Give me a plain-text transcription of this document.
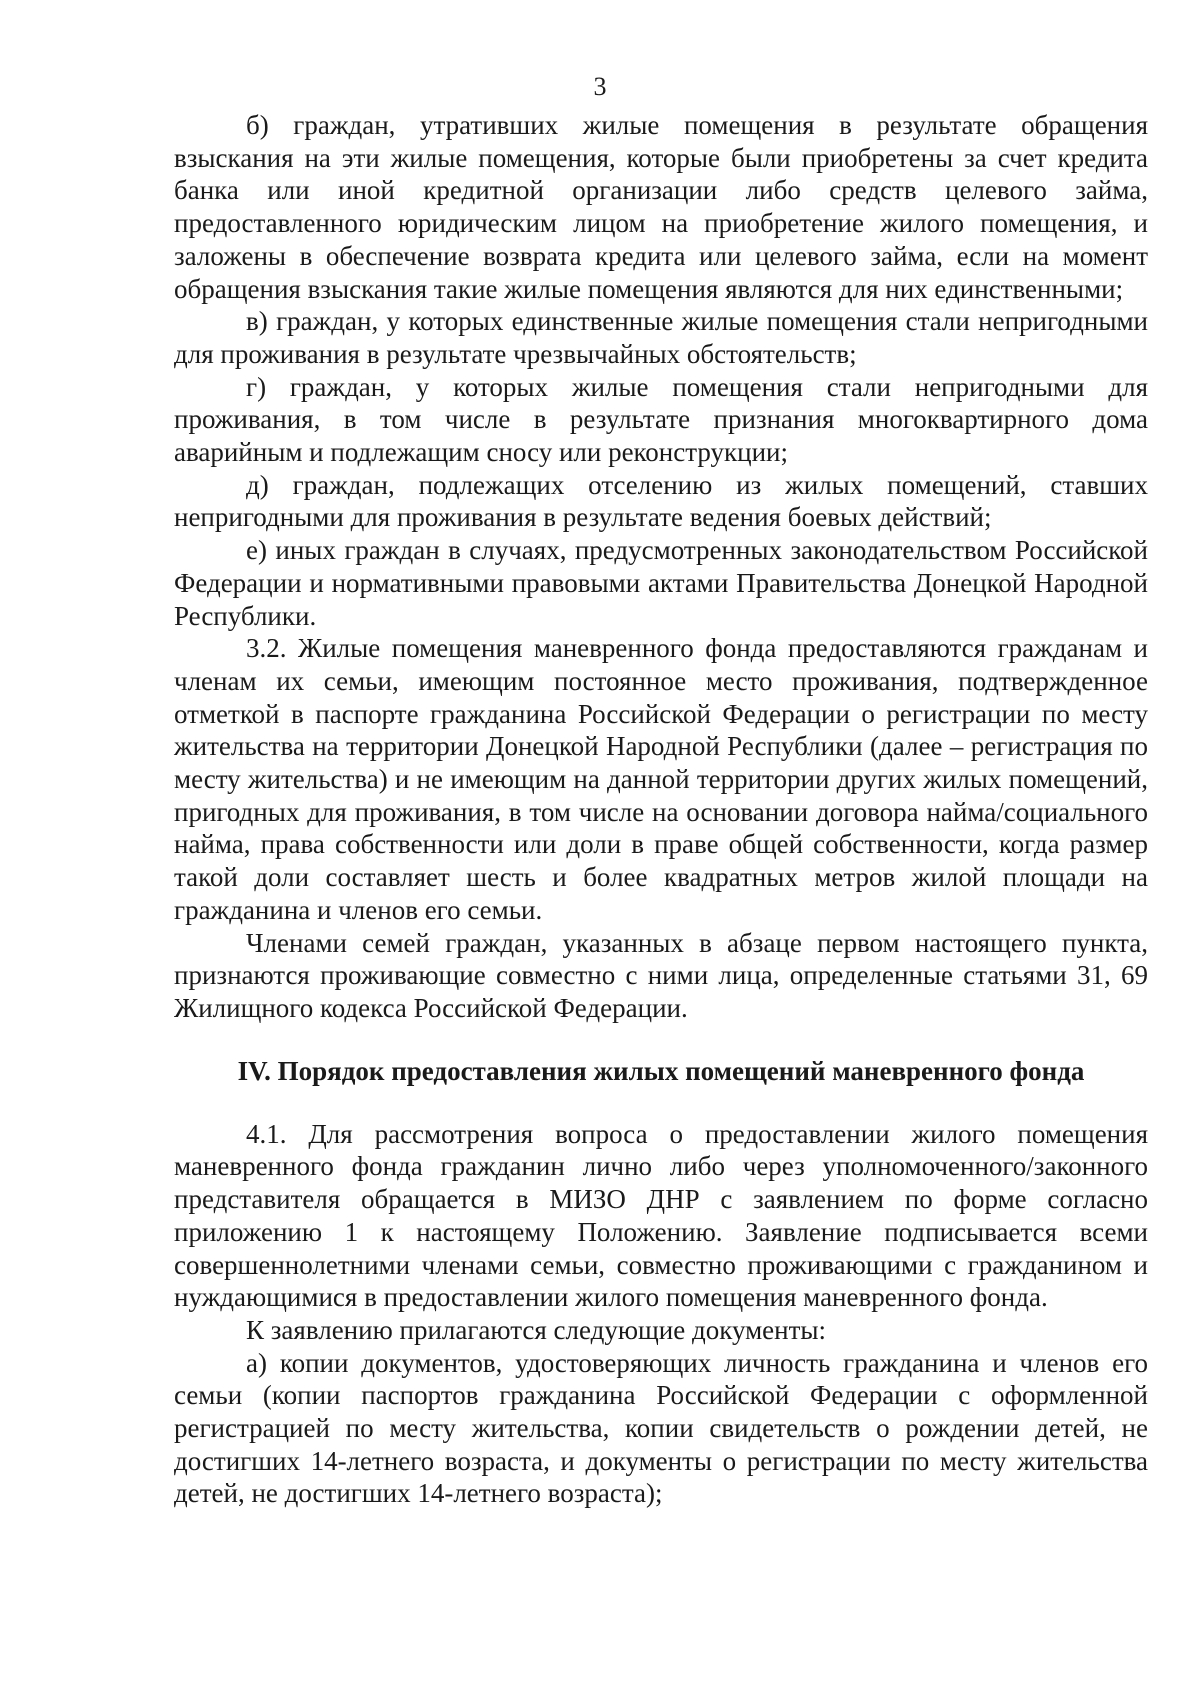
3

б) граждан, утративших жилые помещения в результате обращения взыскания на эти жилые помещения, которые были приобретены за счет кредита банка или иной кредитной организации либо средств целевого займа, предоставленного юридическим лицом на приобретение жилого помещения, и заложены в обеспечение возврата кредита или целевого займа, если на момент обращения взыскания такие жилые помещения являются для них единственными;

в) граждан, у которых единственные жилые помещения стали непригодными для проживания в результате чрезвычайных обстоятельств;

г) граждан, у которых жилые помещения стали непригодными для проживания, в том числе в результате признания многоквартирного дома аварийным и подлежащим сносу или реконструкции;

д) граждан, подлежащих отселению из жилых помещений, ставших непригодными для проживания в результате ведения боевых действий;

е) иных граждан в случаях, предусмотренных законодательством Российской Федерации и нормативными правовыми актами Правительства Донецкой Народной Республики.

3.2. Жилые помещения маневренного фонда предоставляются гражданам и членам их семьи, имеющим постоянное место проживания, подтвержденное отметкой в паспорте гражданина Российской Федерации о регистрации по месту жительства на территории Донецкой Народной Республики (далее – регистрация по месту жительства) и не имеющим на данной территории других жилых помещений, пригодных для проживания, в том числе на основании договора найма/социального найма, права собственности или доли в праве общей собственности, когда размер такой доли составляет шесть и более квадратных метров жилой площади на гражданина и членов его семьи.

Членами семей граждан, указанных в абзаце первом настоящего пункта, признаются проживающие совместно с ними лица, определенные статьями 31, 69 Жилищного кодекса Российской Федерации.

IV. Порядок предоставления жилых помещений маневренного фонда

4.1. Для рассмотрения вопроса о предоставлении жилого помещения маневренного фонда гражданин лично либо через уполномоченного/законного представителя обращается в МИЗО ДНР с заявлением по форме согласно приложению 1 к настоящему Положению. Заявление подписывается всеми совершеннолетними членами семьи, совместно проживающими с гражданином и нуждающимися в предоставлении жилого помещения маневренного фонда.

К заявлению прилагаются следующие документы:

а) копии документов, удостоверяющих личность гражданина и членов его семьи (копии паспортов гражданина Российской Федерации с оформленной регистрацией по месту жительства, копии свидетельств о рождении детей, не достигших 14-летнего возраста, и документы о регистрации по месту жительства детей, не достигших 14-летнего возраста);
